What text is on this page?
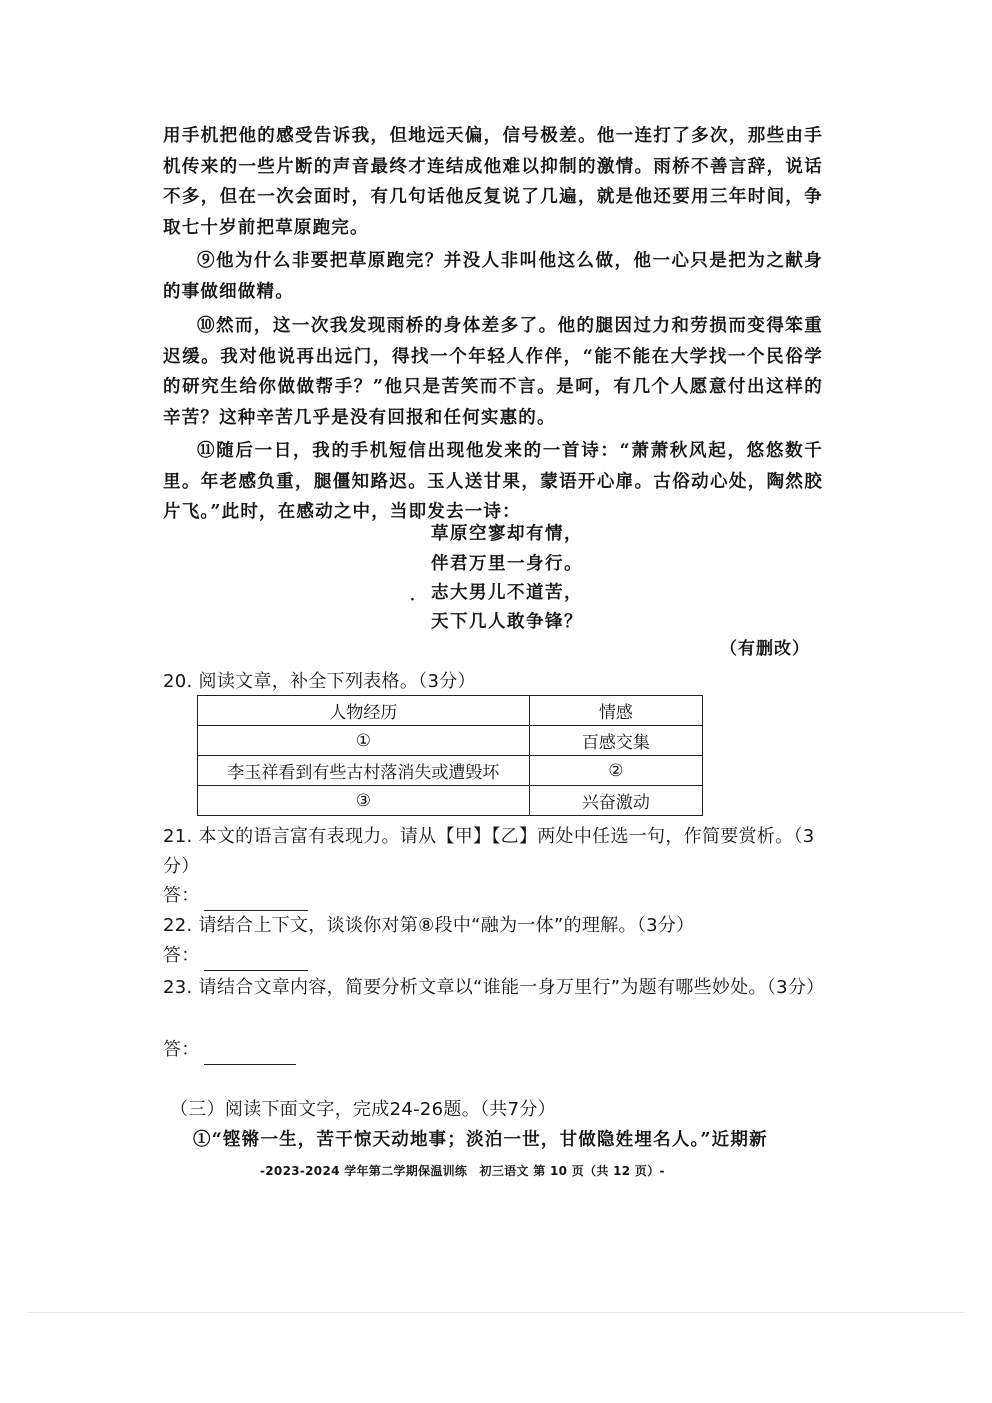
用手机把他的感受告诉我，但地远天偏，信号极差。他一连打了多次，那些由手机传来的一些片断的声音最终才连结成他难以抑制的激情。雨桥不善言辞，说话不多，但在一次会面时，有几句话他反复说了几遍，就是他还要用三年时间，争取七十岁前把草原跑完。

⑨他为什么非要把草原跑完？并没人非叫他这么做，他一心只是把为之献身的事做细做精。

⑩然而，这一次我发现雨桥的身体差多了。他的腿因过力和劳损而变得笨重迟缓。我对他说再出远门，得找一个年轻人作伴，“能不能在大学找一个民俗学的研究生给你做做帮手？”他只是苦笑而不言。是呵，有几个人愿意付出这样的辛苦？这种辛苦几乎是没有回报和任何实惠的。

⑪随后一日，我的手机短信出现他发来的一首诗：“萧萧秋风起，悠悠数千里。年老感负重，腿僵知路迟。玉人送甘果，蒙语开心扉。古俗动心处，陶然胶片飞。”此时，在感动之中，当即发去一诗：

草原空寥却有情，
伴君万里一身行。
· 志大男儿不道苦，
天下几人敢争锋？
（有删改）

20. 阅读文章，补全下列表格。（3分）

人物经历	情感
①	百感交集
李玉祥看到有些古村落消失或遭毁坏	②
③	兴奋激动

21. 本文的语言富有表现力。请从【甲】【乙】两处中任选一句，作简要赏析。（3分）

答：

22. 请结合上下文，谈谈你对第⑧段中“融为一体”的理解。（3分）

答：

23. 请结合文章内容，简要分析文章以“谁能一身万里行”为题有哪些妙处。（3分）

答：

（三）阅读下面文字，完成24-26题。（共7分）

①“铿锵一生，苦干惊天动地事；淡泊一世，甘做隐姓埋名人。”近期新

-2023-2024 学年第二学期保温训练　初三语文 第 10 页（共 12 页）-
